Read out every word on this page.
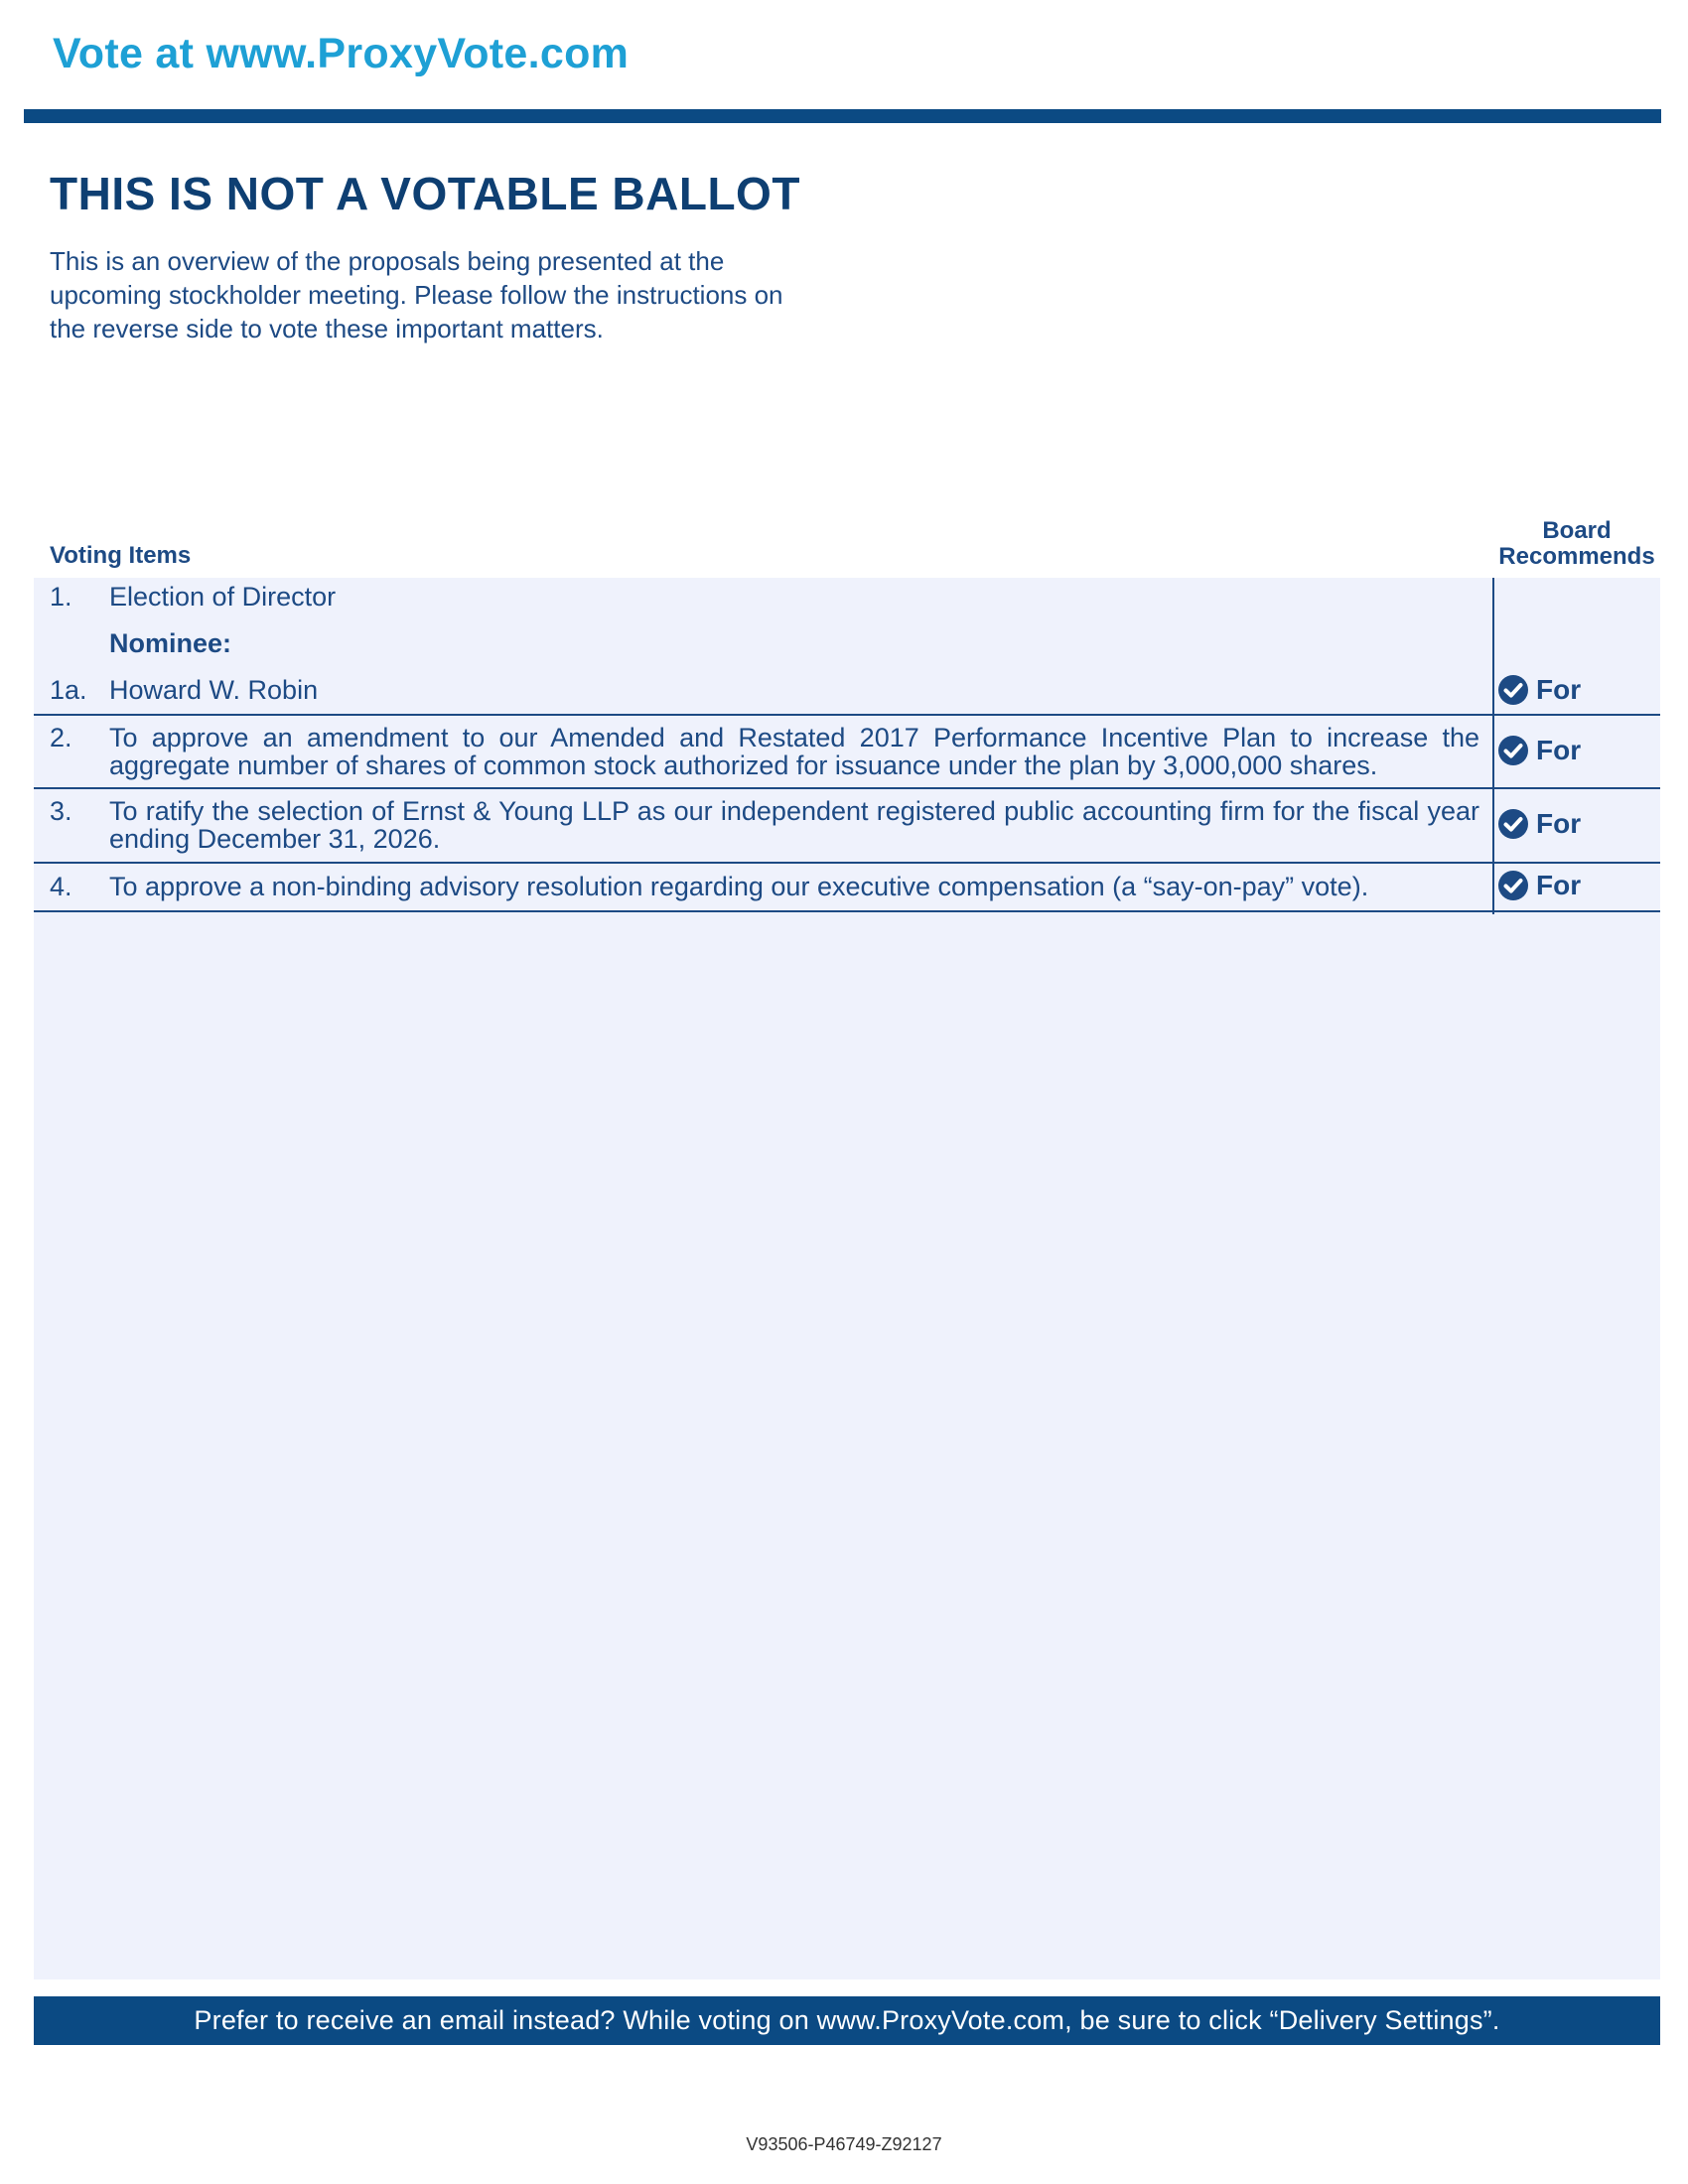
Vote at www.ProxyVote.com
THIS IS NOT A VOTABLE BALLOT
This is an overview of the proposals being presented at the
upcoming stockholder meeting. Please follow the instructions on
the reverse side to vote these important matters.
Voting Items
Board
Recommends
1. Election of Director
Nominee:
1a. Howard W. Robin	For
2. To approve an amendment to our Amended and Restated 2017 Performance Incentive Plan to increase the aggregate number of shares of common stock authorized for issuance under the plan by 3,000,000 shares.	For
3. To ratify the selection of Ernst & Young LLP as our independent registered public accounting firm for the fiscal year ending December 31, 2026.	For
4. To approve a non-binding advisory resolution regarding our executive compensation (a “say-on-pay” vote).	For
Prefer to receive an email instead? While voting on www.ProxyVote.com, be sure to click “Delivery Settings”.
V93506-P46749-Z92127
